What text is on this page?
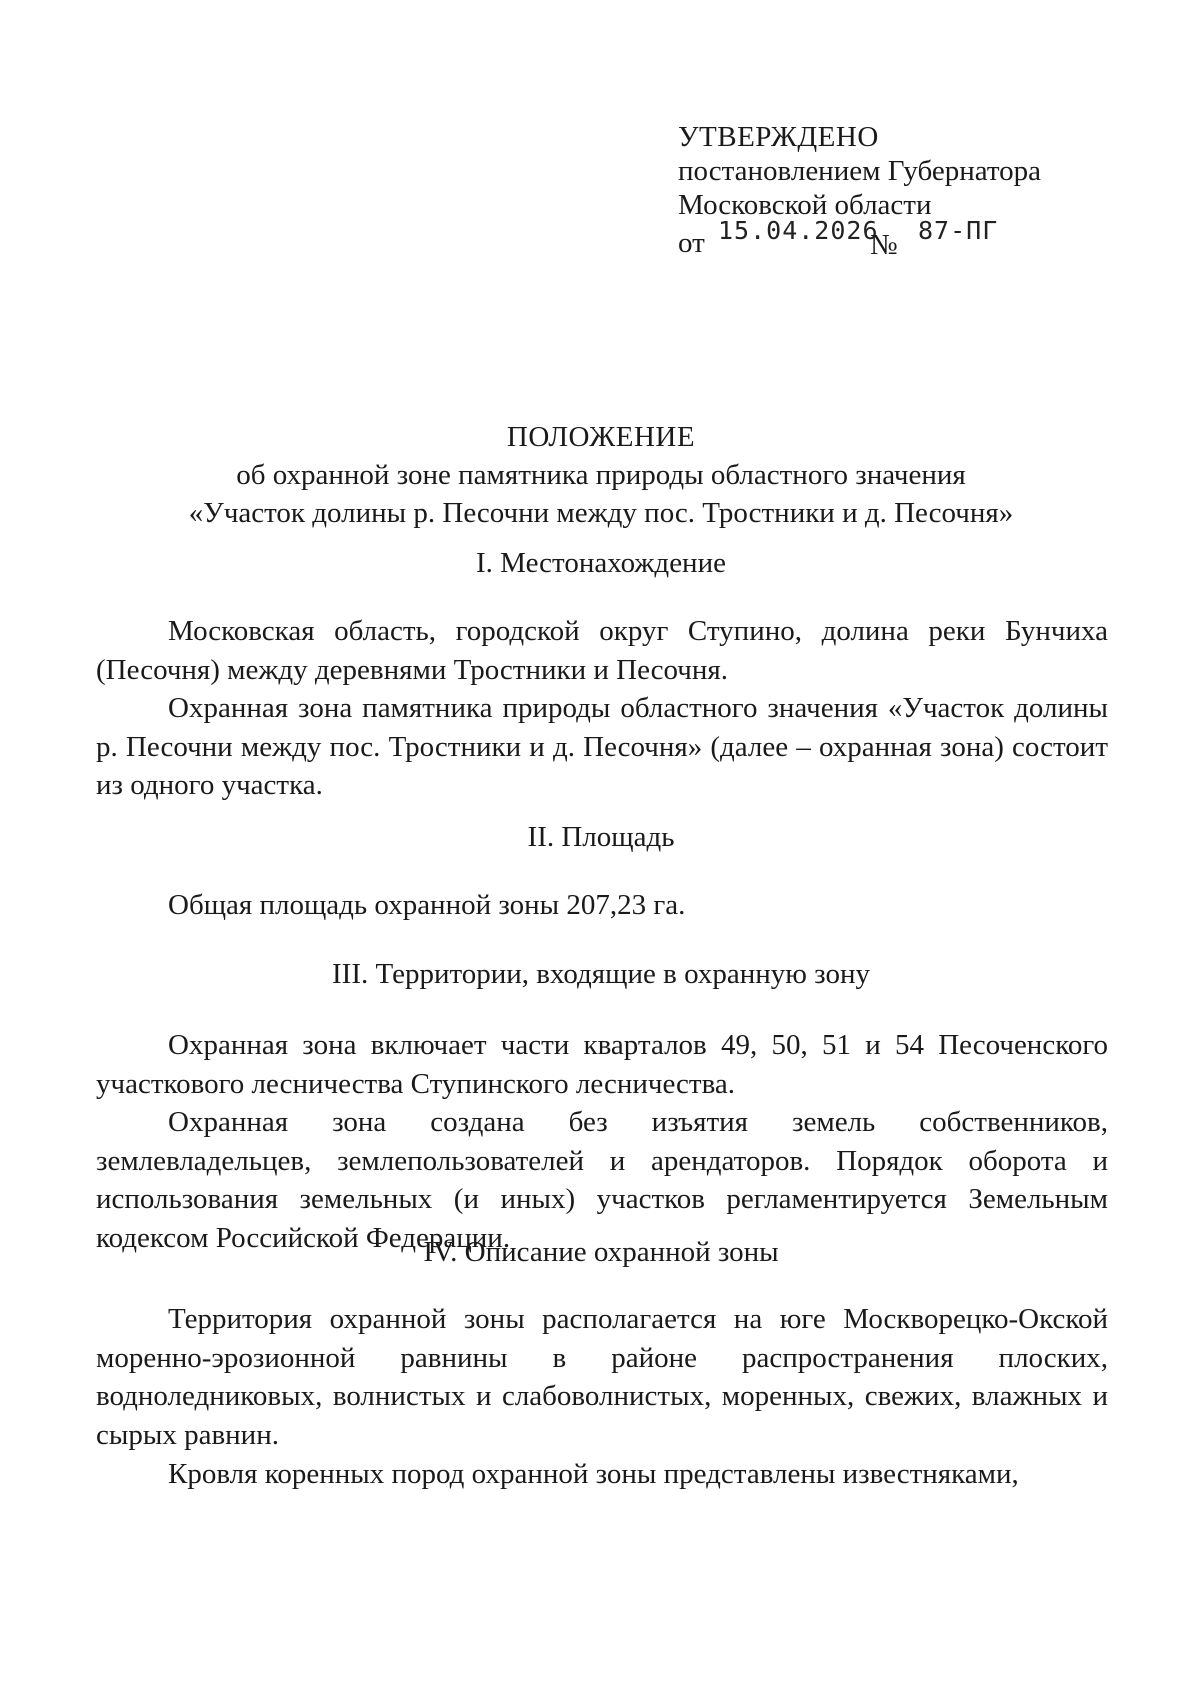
УТВЕРЖДЕНО
постановлением Губернатора
Московской области
от 15.04.2026
№ 87-ПГ
ПОЛОЖЕНИЕ
об охранной зоне памятника природы областного значения
«Участок долины р. Песочни между пос. Тростники и д. Песочня»
I. Местонахождение

Московская область, городской округ Ступино, долина реки Бунчиха (Песочня) между деревнями Тростники и Песочня.

Охранная зона памятника природы областного значения «Участок долины р. Песочни между пос. Тростники и д. Песочня» (далее – охранная зона) состоит из одного участка.

II. Площадь

Общая площадь охранной зоны 207,23 га.

III. Территории, входящие в охранную зону

Охранная зона включает части кварталов 49, 50, 51 и 54 Песоченского участкового лесничества Ступинского лесничества.

Охранная зона создана без изъятия земель собственников, землевладельцев, землепользователей и арендаторов. Порядок оборота и использования земельных (и иных) участков регламентируется Земельным кодексом Российской Федерации.

IV. Описание охранной зоны

Территория охранной зоны располагается на юге Москворецко-Окской моренно-эрозионной равнины в районе распространения плоских, водноледниковых, волнистых и слабоволнистых, моренных, свежих, влажных и сырых равнин.

Кровля коренных пород охранной зоны представлены известняками,
